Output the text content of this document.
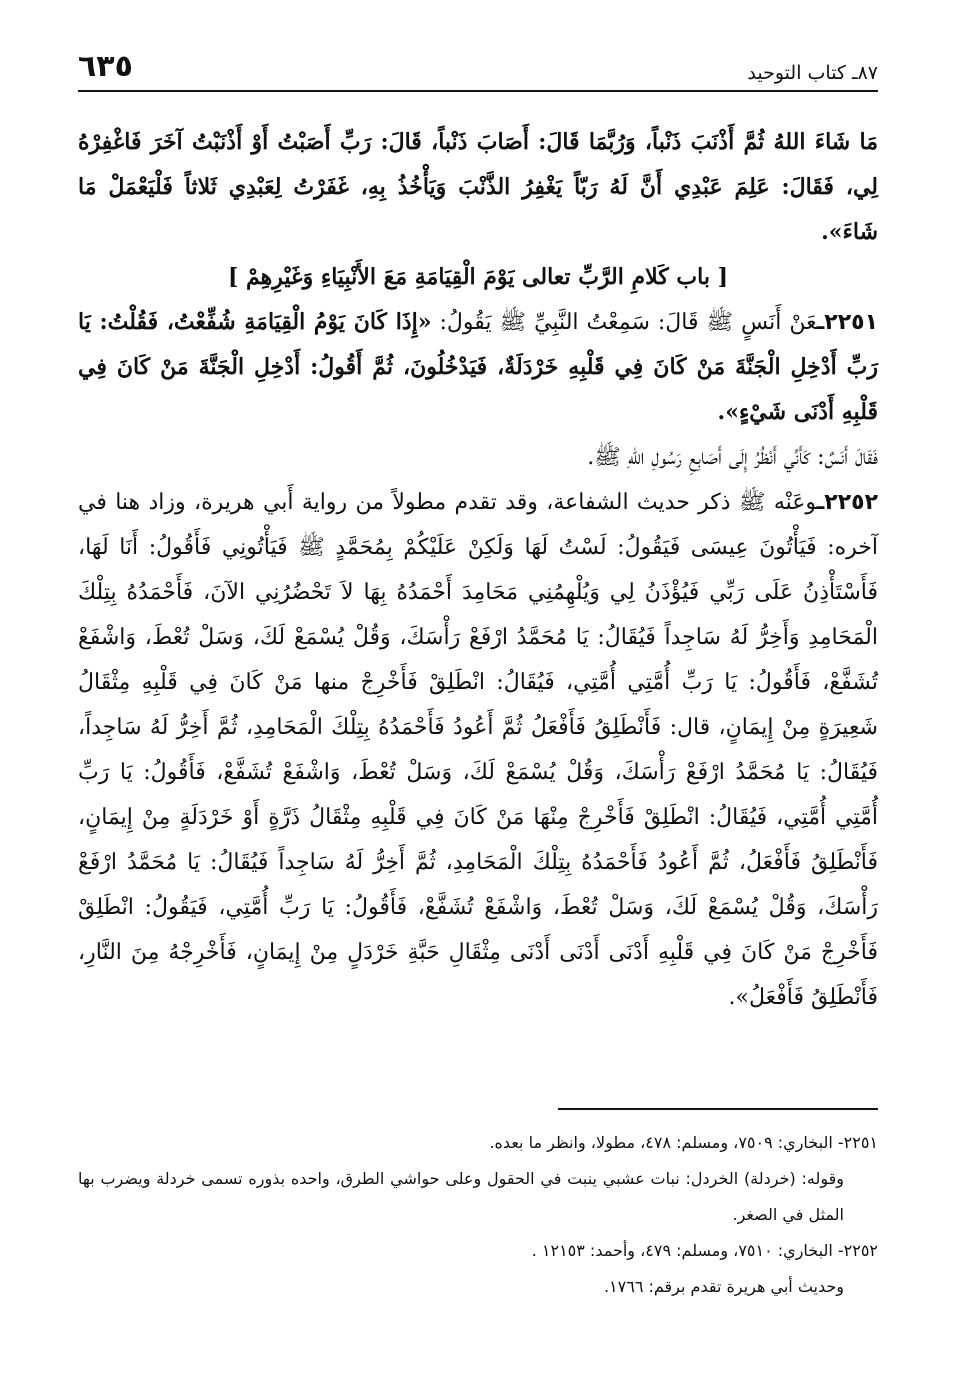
٨٧ـ كتاب التوحيد
٦٣٥

مَا شَاءَ اللهُ ثُمَّ أَذْنَبَ ذَنْباً، وَرُبَّمَا قَالَ: أَصَابَ ذَنْباً، قَالَ: رَبِّ أَصَبْتُ أَوْ أَذْنَبْتُ آخَرَ فَاغْفِرْهُ لِي، فَقَالَ: عَلِمَ عَبْدِي أَنَّ لَهُ رَبّاً يَغْفِرُ الذَّنْبَ وَيَأْخُذُ بِهِ، غَفَرْتُ لِعَبْدِي ثَلاثاً فَلْيَعْمَلْ مَا شَاءَ».

[ باب كَلامِ الرَّبِّ تعالى يَوْمَ الْقِيَامَةِ مَعَ الأَنْبِيَاءِ وَغَيْرِهِمْ ]

٢٢٥١ـعَنْ أَنَسٍ ﷺ قَالَ: سَمِعْتُ النَّبِيِّ ﷺ يَقُولُ: «إِذَا كَانَ يَوْمُ الْقِيَامَةِ شُفِّعْتُ، فَقُلْتُ: يَا رَبِّ أَدْخِلِ الْجَنَّةَ مَنْ كَانَ فِي قَلْبِهِ خَرْدَلَةٌ، فَيَدْخُلُونَ، ثُمَّ أَقُولُ: أَدْخِلِ الْجَنَّةَ مَنْ كَانَ فِي قَلْبِهِ أَدْنَى شَيْءٍ».

فَقَالَ أَنَسٌ: كَأَنِّي أَنْظُرُ إِلَى أَصَابِعِ رَسُولِ اللهِ ﷺ.

٢٢٥٢ـوعَنْه ﷺ ذكر حديث الشفاعة، وقد تقدم مطولاً من رواية أَبي هريرة، وزاد هنا في آخره: فَيَأْتُونَ عِيسَى فَيَقُولُ: لَسْتُ لَهَا وَلَكِنْ عَلَيْكُمْ بِمُحَمَّدٍ ﷺ فَيَأْتُونِي فَأَقُولُ: أَنَا لَهَا، فَأَسْتَأْذِنُ عَلَى رَبِّي فَيُؤْذَنُ لِي وَيُلْهِمُنِي مَحَامِدَ أَحْمَدُهُ بِهَا لاَ تَحْضُرُنِي الآنَ، فَأَحْمَدُهُ بِتِلْكَ الْمَحَامِدِ وَأَخِرُّ لَهُ سَاجِداً فَيُقَالُ: يَا مُحَمَّدُ ارْفَعْ رَأْسَكَ، وَقُلْ يُسْمَعْ لَكَ، وَسَلْ تُعْطَ، وَاشْفَعْ تُشَفَّعْ، فَأَقُولُ: يَا رَبِّ أُمَّتِي أُمَّتِي، فَيُقَالُ: انْطَلِقْ فَأَخْرِجْ منها مَنْ كَانَ فِي قَلْبِهِ مِثْقَالُ شَعِيرَةٍ مِنْ إِيمَانٍ، قال: فَأَنْطَلِقُ فَأَفْعَلُ ثُمَّ أَعُودُ فَأَحْمَدُهُ بِتِلْكَ الْمَحَامِدِ، ثُمَّ أَخِرُّ لَهُ سَاجِداً، فَيُقَالُ: يَا مُحَمَّدُ ارْفَعْ رَأْسَكَ، وَقُلْ يُسْمَعْ لَكَ، وَسَلْ تُعْطَ، وَاشْفَعْ تُشَفَّعْ، فَأَقُولُ: يَا رَبِّ أُمَّتِي أُمَّتِي، فَيُقَالُ: انْطَلِقْ فَأَخْرِجْ مِنْهَا مَنْ كَانَ فِي قَلْبِهِ مِثْقَالُ ذَرَّةٍ أَوْ خَرْدَلَةٍ مِنْ إِيمَانٍ، فَأَنْطَلِقُ فَأَفْعَلُ، ثُمَّ أَعُودُ فَأَحْمَدُهُ بِتِلْكَ الْمَحَامِدِ، ثُمَّ أَخِرُّ لَهُ سَاجِداً فَيُقَالُ: يَا مُحَمَّدُ ارْفَعْ رَأْسَكَ، وَقُلْ يُسْمَعْ لَكَ، وَسَلْ تُعْطَ، وَاشْفَعْ تُشَفَّعْ، فَأَقُولُ: يَا رَبِّ أُمَّتِي، فَيَقُولُ: انْطَلِقْ فَأَخْرِجْ مَنْ كَانَ فِي قَلْبِهِ أَدْنَى أَدْنَى أَدْنَى مِثْقَالِ حَبَّةِ خَرْدَلٍ مِنْ إِيمَانٍ، فَأَخْرِجْهُ مِنَ النَّارِ، فَأَنْطَلِقُ فَأَفْعَلُ».

٢٢٥١- البخاري: ٧٥٠٩، ومسلم: ٤٧٨، مطولا، وانظر ما بعده.

وقوله: (خردلة) الخردل: نبات عشبي ينبت في الحقول وعلى حواشي الطرق، واحده بذوره تسمى خردلة ويضرب بها المثل في الصغر.

٢٢٥٢- البخاري: ٧٥١٠، ومسلم: ٤٧٩، وأحمد: ١٢١٥٣ .

وحديث أبي هريرة تقدم برقم: ١٧٦٦.
